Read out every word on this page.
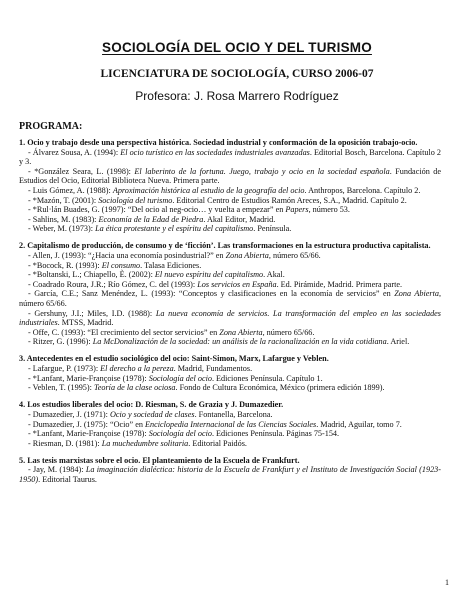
SOCIOLOGÍA DEL OCIO Y DEL TURISMO
LICENCIATURA DE SOCIOLOGÍA, CURSO 2006-07
Profesora: J. Rosa Marrero Rodríguez
PROGRAMA:
1. Ocio y trabajo desde una perspectiva histórica. Sociedad industrial y conformación de la oposición trabajo-ocio.
- Álvarez Sousa, A. (1994): El ocio turístico en las sociedades industriales avanzadas. Editorial Bosch, Barcelona. Capítulo 2 y 3.
- *González Seara, L. (1998): El laberinto de la fortuna. Juego, trabajo y ocio en la sociedad española. Fundación de Estudios del Ocio, Editorial Biblioteca Nueva. Primera parte.
- Luis Gómez, A. (1988): Aproximación histórica al estudio de la geografía del ocio. Anthropos, Barcelona. Capítulo 2.
- *Mazón, T. (2001): Sociología del turismo. Editorial Centro de Estudios Ramón Areces, S.A., Madrid. Capítulo 2.
- *Rul·lán Buades, G. (1997): “Del ocio al neg-ocio… y vuelta a empezar” en Papers, número 53.
- Sahlins, M. (1983): Economía de la Edad de Piedra. Akal Editor, Madrid.
- Weber, M. (1973): La ética protestante y el espíritu del capitalismo. Península.
2. Capitalismo de producción, de consumo y de ‘ficción’. Las transformaciones en la estructura productiva capitalista.
- Allen, J. (1993): “¿Hacia una economía posindustrial?” en Zona Abierta, número 65/66.
- *Bocock, R. (1993): El consumo. Talasa Ediciones.
- *Boltanski, L.; Chiapello, È. (2002): El nuevo espíritu del capitalismo. Akal.
- Coadrado Roura, J.R.; Río Gómez, C. del (1993): Los servicios en España. Ed. Pirámide, Madrid. Primera parte.
- García, C.E.; Sanz Menéndez, L. (1993): “Conceptos y clasificaciones en la economía de servicios” en Zona Abierta, número 65/66.
- Gershuny, J.I.; Miles, I.D. (1988): La nueva economía de servicios. La transformación del empleo en las sociedades industriales. MTSS, Madrid.
- Offe, C. (1993): “El crecimiento del sector servicios” en Zona Abierta, número 65/66.
- Ritzer, G. (1996): La McDonalización de la sociedad: un análisis de la racionalización en la vida cotidiana. Ariel.
3. Antecedentes en el estudio sociológico del ocio: Saint-Simon, Marx, Lafargue y Veblen.
- Lafargue, P. (1973): El derecho a la pereza. Madrid, Fundamentos.
- *Lanfant, Marie-Françoise (1978): Sociología del ocio. Ediciones Península. Capítulo 1.
- Veblen, T. (1995): Teoría de la clase ociosa. Fondo de Cultura Económica, México (primera edición 1899).
4. Los estudios liberales del ocio: D. Riesman, S. de Grazia y J. Dumazedier.
- Dumazedier, J. (1971): Ocio y sociedad de clases. Fontanella, Barcelona.
- Dumazedier, J. (1975): “Ocio” en Enciclopedia Internacional de las Ciencias Sociales. Madrid, Aguilar, tomo 7.
- *Lanfant, Marie-Françoise (1978): Sociología del ocio. Ediciones Península. Páginas 75-154.
- Riesman, D. (1981): La muchedumbre solitaria. Editorial Paidós.
5. Las tesis marxistas sobre el ocio. El planteamiento de la Escuela de Frankfurt.
- Jay, M. (1984): La imaginación dialéctica: historia de la Escuela de Frankfurt y el Instituto de Investigación Social (1923-1950). Editorial Taurus.
1
